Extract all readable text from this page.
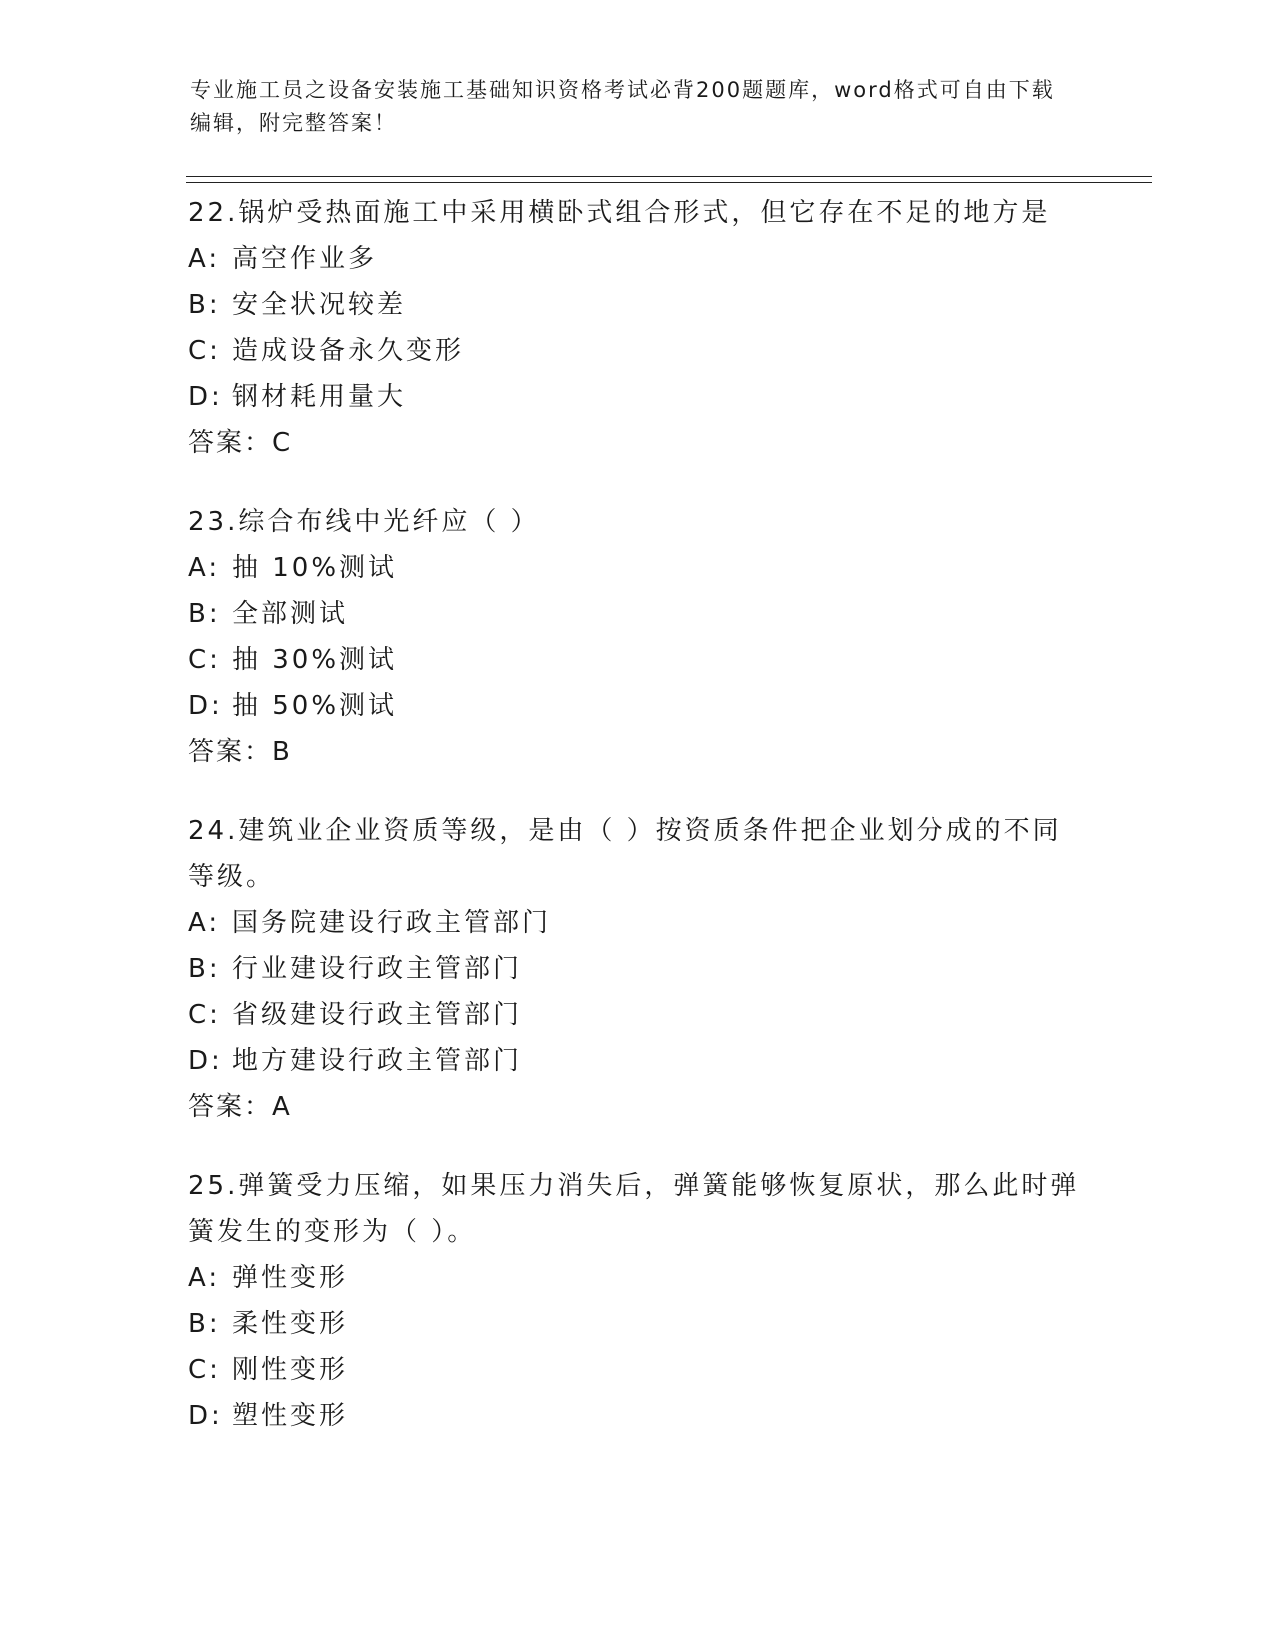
专业施工员之设备安装施工基础知识资格考试必背200题题库，word格式可自由下载编辑，附完整答案！

22.锅炉受热面施工中采用横卧式组合形式，但它存在不足的地方是

A: 高空作业多

B: 安全状况较差

C: 造成设备永久变形

D: 钢材耗用量大

答案：C

23.综合布线中光纤应（ ）

A: 抽 10%测试

B: 全部测试

C: 抽 30%测试

D: 抽 50%测试

答案：B

24.建筑业企业资质等级，是由（ ）按资质条件把企业划分成的不同等级。

A: 国务院建设行政主管部门

B: 行业建设行政主管部门

C: 省级建设行政主管部门

D: 地方建设行政主管部门

答案：A

25.弹簧受力压缩，如果压力消失后，弹簧能够恢复原状，那么此时弹簧发生的变形为（ ）。

A: 弹性变形

B: 柔性变形

C: 刚性变形

D: 塑性变形
